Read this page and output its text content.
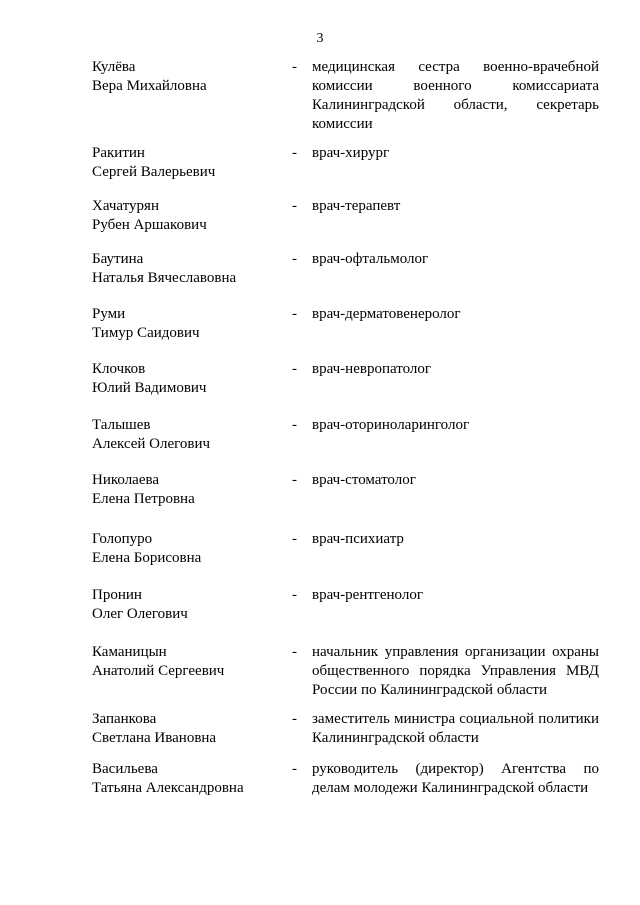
3
Кулёва
Вера Михайловна
-	медицинская сестра военно-врачебной комиссии военного комиссариата Калининградской области, секретарь комиссии
Ракитин
Сергей Валерьевич
-	врач-хирург
Хачатурян
Рубен Аршакович
-	врач-терапевт
Баутина
Наталья Вячеславовна
-	врач-офтальмолог
Руми
Тимур Саидович
-	врач-дерматовенеролог
Клочков
Юлий Вадимович
-	врач-невропатолог
Талышев
Алексей Олегович
-	врач-оториноларинголог
Николаева
Елена Петровна
-	врач-стоматолог
Голопуро
Елена Борисовна
-	врач-психиатр
Пронин
Олег Олегович
-	врач-рентгенолог
Каманицын
Анатолий Сергеевич
-	начальник управления организации охраны общественного порядка Управления МВД России по Калининградской области
Запанкова
Светлана Ивановна
-	заместитель министра социальной политики Калининградской области
Васильева
Татьяна Александровна
-	руководитель (директор) Агентства по делам молодежи Калининградской области
